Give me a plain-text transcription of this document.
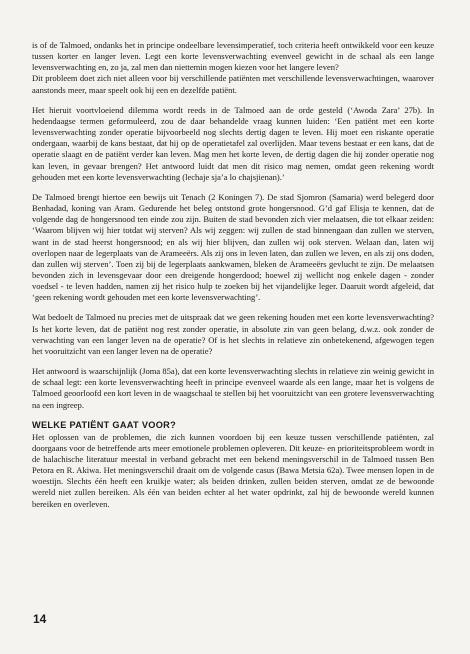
is of de Talmoed, ondanks het in principe ondeelbare levensimperatief, toch criteria heeft ontwikkeld voor een keuze tussen korter en langer leven. Legt een korte levensverwachting evenveel gewicht in de schaal als een lange levensverwachting en, zo ja, zal men dan niettemin mogen kiezen voor het langere leven?

Dit probleem doet zich niet alleen voor bij verschillende patiënten met verschillende levensverwachtingen, waarover aanstonds meer, maar speelt ook bij een en dezelfde patiënt.

Het hieruit voortvloeiend dilemma wordt reeds in de Talmoed aan de orde gesteld (‘Awoda Zara’ 27b). In hedendaagse termen geformuleerd, zou de daar behandelde vraag kunnen luiden: ‘Een patiënt met een korte levensverwachting zonder operatie bijvoorbeeld nog slechts dertig dagen te leven. Hij moet een riskante operatie ondergaan, waarbij de kans bestaat, dat hij op de operatietafel zal overlijden. Maar tevens bestaat er een kans, dat de operatie slaagt en de patiënt verder kan leven. Mag men het korte leven, de dertig dagen die hij zonder operatie nog kan leven, in gevaar brengen? Het antwoord luidt dat men dit risico mag nemen, omdat geen rekening wordt gehouden met een korte levensverwachting (lechaje sja’a lo chajsjienan).’

De Talmoed brengt hiertoe een bewijs uit Tenach (2 Koningen 7). De stad Sjomron (Samaria) werd belegerd door Benhadad, koning van Aram. Gedurende het beleg ontstond grote hongersnood. G’d gaf Elisja te kennen, dat de volgende dag de hongersnood ten einde zou zijn. Buiten de stad bevonden zich vier melaatsen, die tot elkaar zeiden: ‘Waarom blijven wij hier totdat wij sterven? Als wij zeggen: wij zullen de stad binnengaan dan zullen we sterven, want in de stad heerst hongersnood; en als wij hier blijven, dan zullen wij ook sterven. Welaan dan, laten wij overlopen naar de legerplaats van de Arameeërs. Als zij ons in leven laten, dan zullen we leven, en als zij ons doden, dan zullen wij sterven’. Toen zij bij de legerplaats aankwamen, bleken de Arameeërs gevlucht te zijn. De melaatsen bevonden zich in levensgevaar door een dreigende hongerdood; hoewel zij wellicht nog enkele dagen - zonder voedsel - te leven hadden, namen zij het risico hulp te zoeken bij het vijandelijke leger. Daaruit wordt afgeleid, dat ‘geen rekening wordt gehouden met een korte levensverwachting’.

Wat bedoelt de Talmoed nu precies met de uitspraak dat we geen rekening houden met een korte levensverwachting? Is het korte leven, dat de patiënt nog rest zonder operatie, in absolute zin van geen belang, d.w.z. ook zonder de verwachting van een langer leven na de operatie? Of is het slechts in relatieve zin onbetekenend, afgewogen tegen het vooruitzicht van een langer leven na de operatie?

Het antwoord is waarschijnlijk (Joma 85a), dat een korte levensverwachting slechts in relatieve zin weinig gewicht in de schaal legt: een korte levensverwachting heeft in principe evenveel waarde als een lange, maar het is volgens de Talmoed geoorloofd een kort leven in de waagschaal te stellen bij het vooruitzicht van een grotere levensverwachting na een ingreep.

WELKE PATIËNT GAAT VOOR?

Het oplossen van de problemen, die zich kunnen voordoen bij een keuze tussen verschillende patiënten, zal doorgaans voor de betreffende arts meer emotionele problemen opleveren. Dit keuze- en prioriteitsprobleem wordt in de halachische literatuur meestal in verband gebracht met een bekend meningsverschil in de Talmoed tussen Ben Petora en R. Akiwa. Het meningsverschil draait om de volgende casus (Bawa Metsia 62a). Twee mensen lopen in de woestijn. Slechts één heeft een kruikje water; als beiden drinken, zullen beiden sterven, omdat ze de bewoonde wereld niet zullen bereiken. Als één van beiden echter al het water opdrinkt, zal hij de bewoonde wereld kunnen bereiken en overleven.

14
